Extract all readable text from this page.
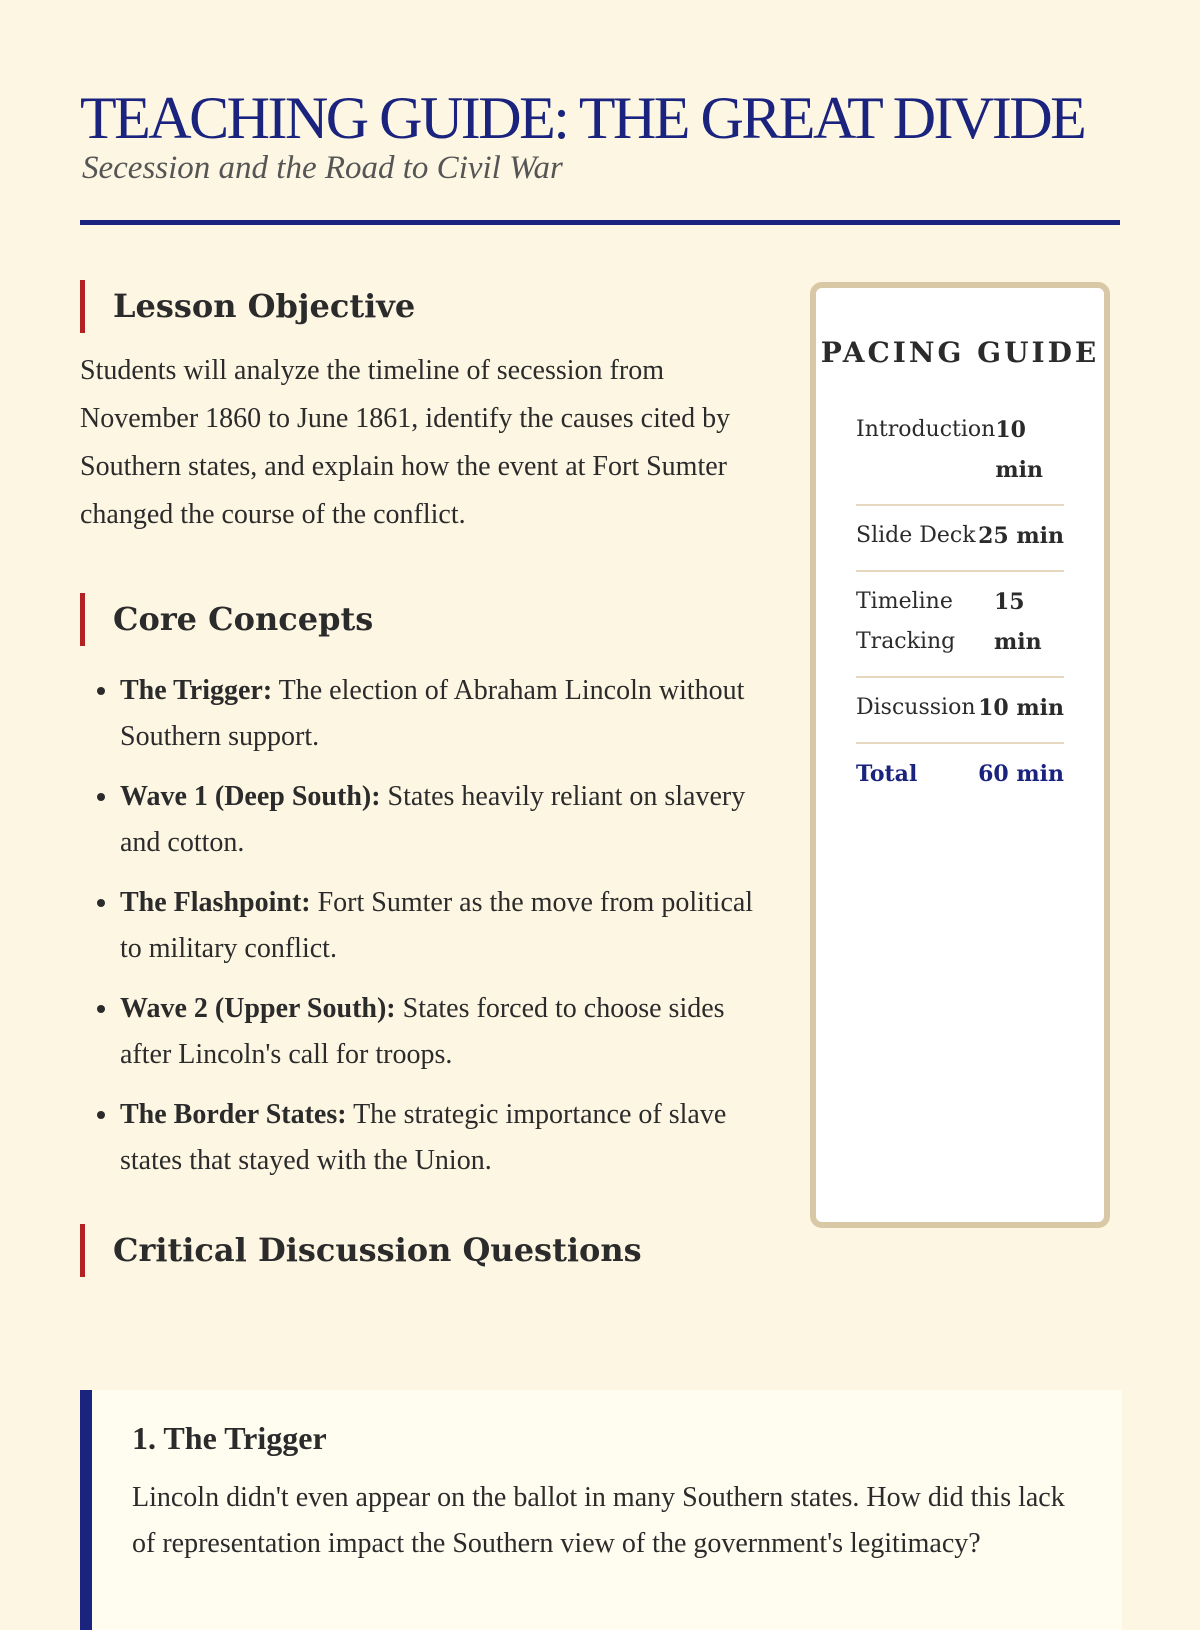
TEACHING GUIDE: THE GREAT DIVIDE
Secession and the Road to Civil War
Lesson Objective

Students will analyze the timeline of secession from November 1860 to June 1861, identify the causes cited by Southern states, and explain how the event at Fort Sumter changed the course of the conflict.

Core Concepts
• The Trigger: The election of Abraham Lincoln without Southern support.
• Wave 1 (Deep South): States heavily reliant on slavery and cotton.
• The Flashpoint: Fort Sumter as the move from political to military conflict.
• Wave 2 (Upper South): States forced to choose sides after Lincoln's call for troops.
• The Border States: The strategic importance of slave states that stayed with the Union.
Critical Discussion Questions
PACING GUIDE
Introduction 10 min
Slide Deck 25 min
Timeline Tracking
15 min
Discussion 10 min
Total	60 min
1. The Trigger

Lincoln didn't even appear on the ballot in many Southern states. How did this lack of representation impact the Southern view of the government's legitimacy?
